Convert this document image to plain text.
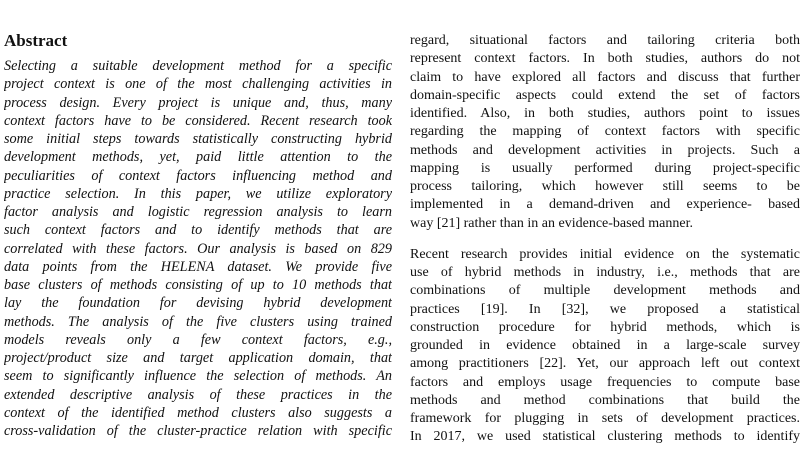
Abstract
Selecting a suitable development method for a specific
project context is one of the most challenging activities in
process design. Every project is unique and, thus, many
context factors have to be considered. Recent research took
some initial steps towards statistically constructing hybrid
development methods, yet, paid little attention to the
peculiarities of context factors influencing method and
practice selection. In this paper, we utilize exploratory
factor analysis and logistic regression analysis to learn
such context factors and to identify methods that are
correlated with these factors. Our analysis is based on 829
data points from the HELENA dataset. We provide five
base clusters of methods consisting of up to 10 methods that
lay the foundation for devising hybrid development
methods. The analysis of the five clusters using trained
models reveals only a few context factors, e.g.,
project/product size and target application domain, that
seem to significantly influence the selection of methods. An
extended descriptive analysis of these practices in the
context of the identified method clusters also suggests a
cross-validation of the cluster-practice relation with specific
regard, situational factors and tailoring criteria both
represent context factors. In both studies, authors do not
claim to have explored all factors and discuss that further
domain-specific aspects could extend the set of factors
identified. Also, in both studies, authors point to issues
regarding the mapping of context factors with specific
methods and development activities in projects. Such a
mapping is usually performed during project-specific
process tailoring, which however still seems to be
implemented in a demand-driven and experience- based
way [21] rather than in an evidence-based manner.
Recent research provides initial evidence on the systematic
use of hybrid methods in industry, i.e., methods that are
combinations of multiple development methods and
practices [19]. In [32], we proposed a statistical
construction procedure for hybrid methods, which is
grounded in evidence obtained in a large-scale survey
among practitioners [22]. Yet, our approach left out context
factors and employs usage frequencies to compute base
methods and method combinations that build the
framework for plugging in sets of development practices.
In 2017, we used statistical clustering methods to identify
